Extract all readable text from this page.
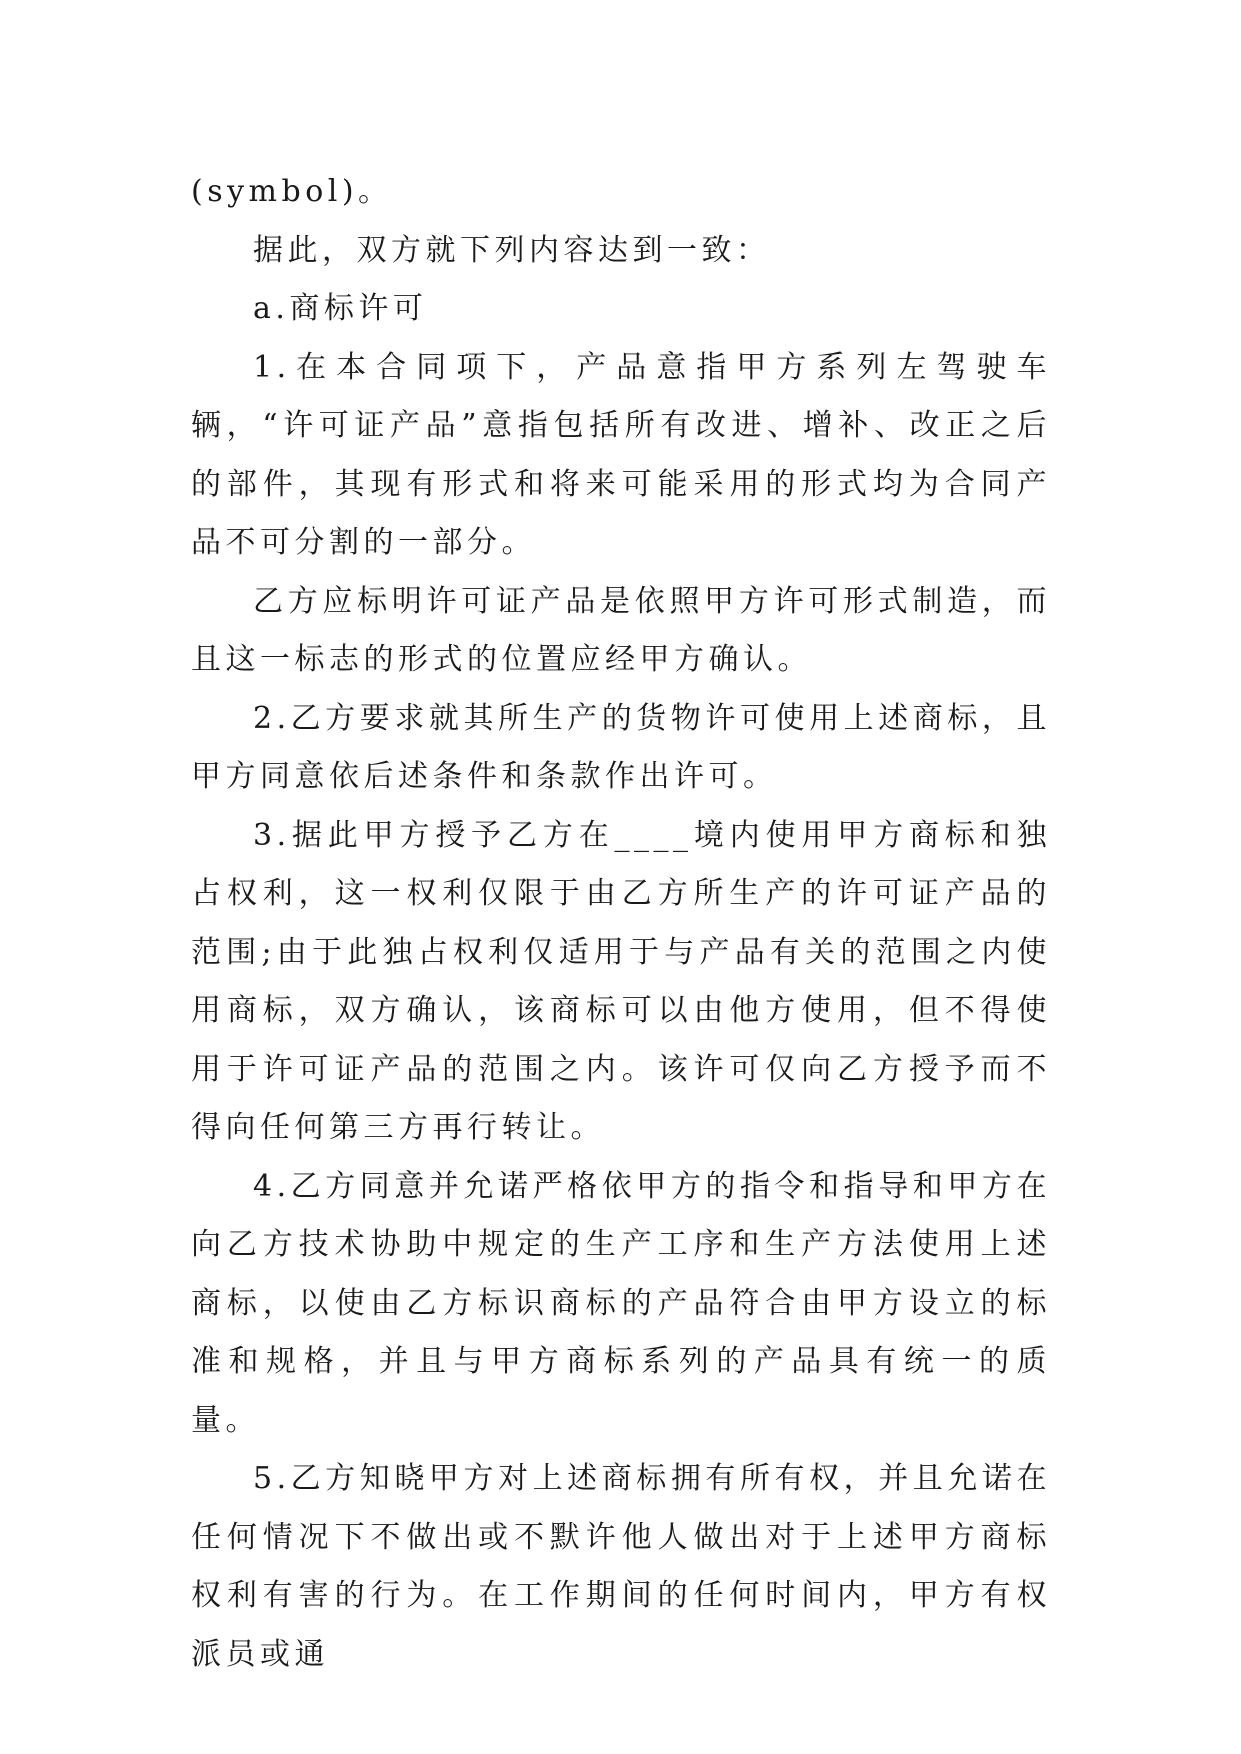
(symbol)。

据此，双方就下列内容达到一致：

a.商标许可

1.在本合同项下，产品意指甲方系列左驾驶车辆，“许可证产品”意指包括所有改进、增补、改正之后的部件，其现有形式和将来可能采用的形式均为合同产品不可分割的一部分。

乙方应标明许可证产品是依照甲方许可形式制造，而且这一标志的形式的位置应经甲方确认。

2.乙方要求就其所生产的货物许可使用上述商标，且甲方同意依后述条件和条款作出许可。

3.据此甲方授予乙方在____境内使用甲方商标和独占权利，这一权利仅限于由乙方所生产的许可证产品的范围;由于此独占权利仅适用于与产品有关的范围之内使用商标，双方确认，该商标可以由他方使用，但不得使用于许可证产品的范围之内。该许可仅向乙方授予而不得向任何第三方再行转让。

4.乙方同意并允诺严格依甲方的指令和指导和甲方在向乙方技术协助中规定的生产工序和生产方法使用上述商标，以使由乙方标识商标的产品符合由甲方设立的标准和规格，并且与甲方商标系列的产品具有统一的质量。

5.乙方知晓甲方对上述商标拥有所有权，并且允诺在任何情况下不做出或不默许他人做出对于上述甲方商标权利有害的行为。在工作期间的任何时间内，甲方有权派员或通
